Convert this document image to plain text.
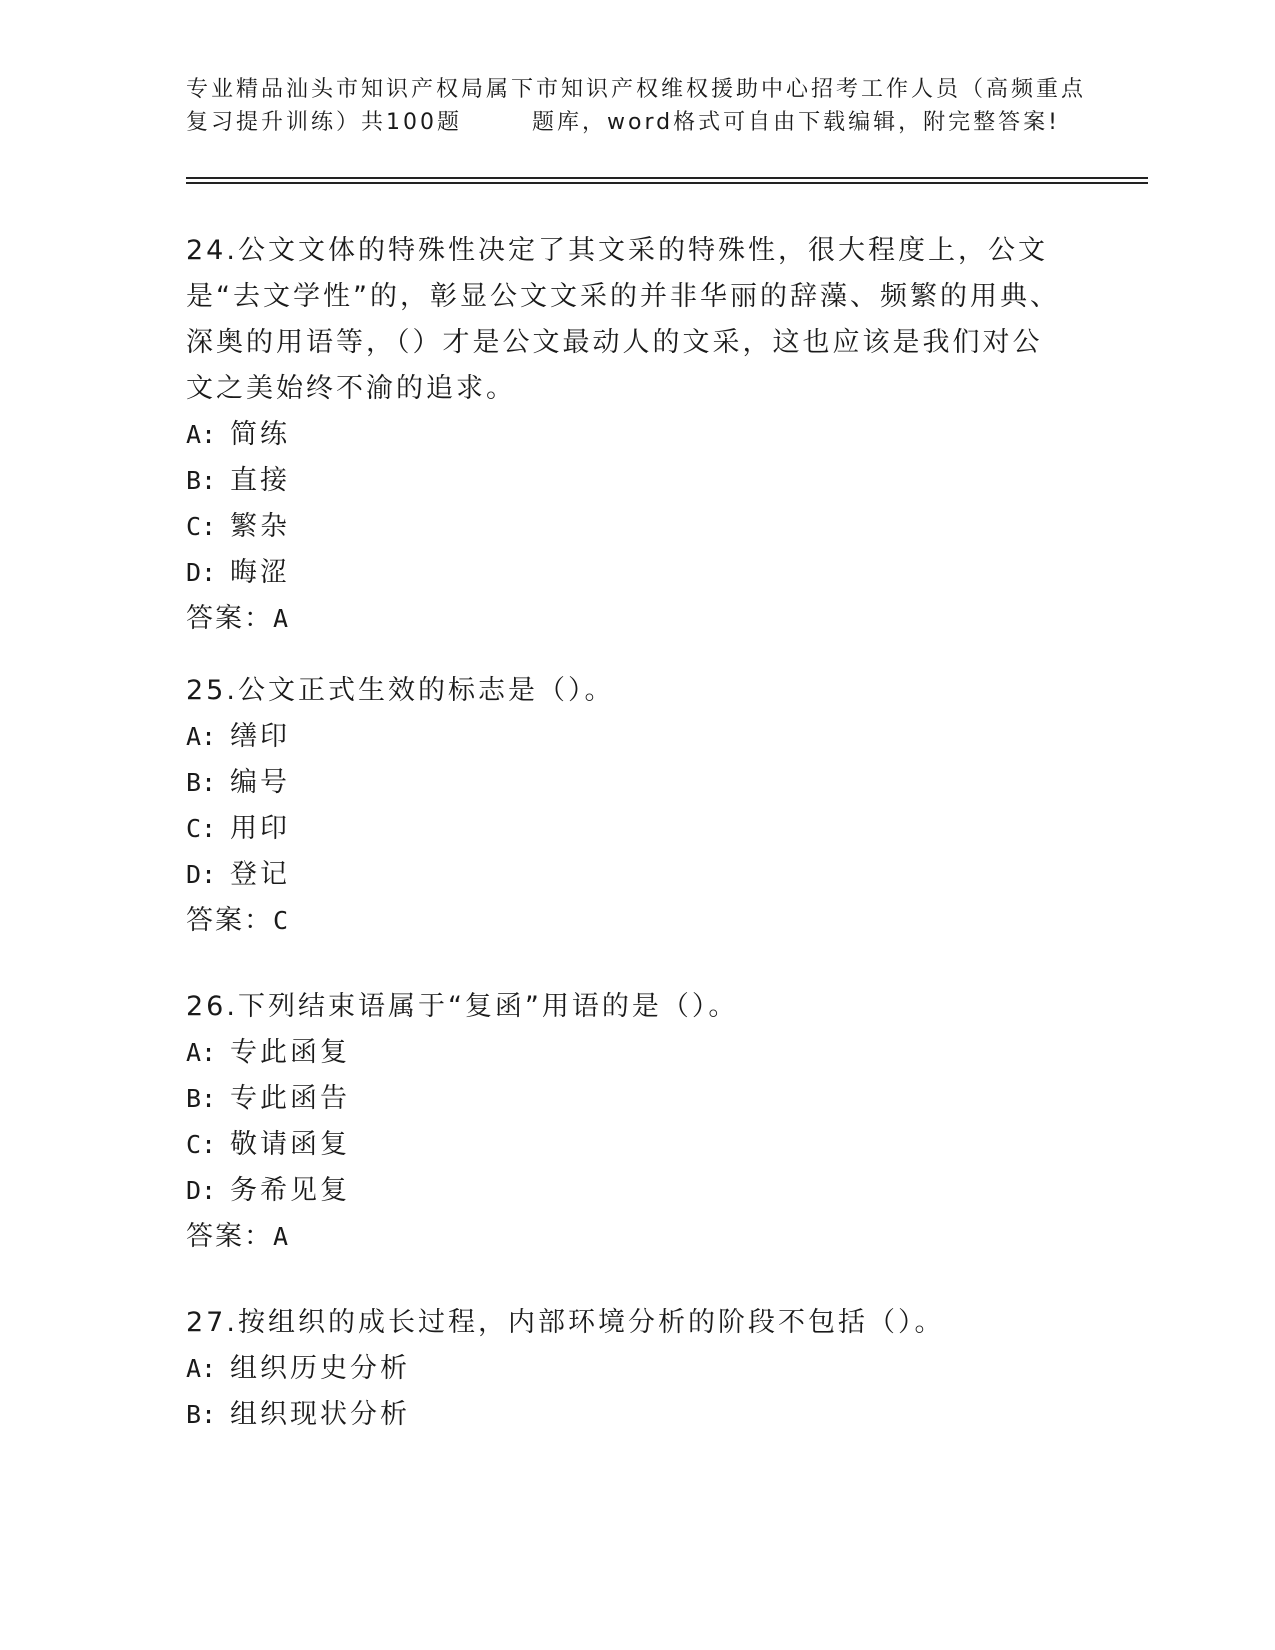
专业精品汕头市知识产权局属下市知识产权维权援助中心招考工作人员（高频重点
复习提升训练）共100题	题库，word格式可自由下载编辑，附完整答案!

24.公文文体的特殊性决定了其文采的特殊性，很大程度上，公文是“去文学性”的，彰显公文文采的并非华丽的辞藻、频繁的用典、深奥的用语等，（）才是公文最动人的文采，这也应该是我们对公文之美始终不渝的追求。

A: 简练

B: 直接

C: 繁杂

D: 晦涩

答案：A

25.公文正式生效的标志是（）。

A: 缮印

B: 编号

C: 用印

D: 登记

答案：C

26.下列结束语属于“复函”用语的是（）。

A: 专此函复

B: 专此函告

C: 敬请函复

D: 务希见复

答案：A

27.按组织的成长过程，内部环境分析的阶段不包括（）。

A: 组织历史分析

B: 组织现状分析
